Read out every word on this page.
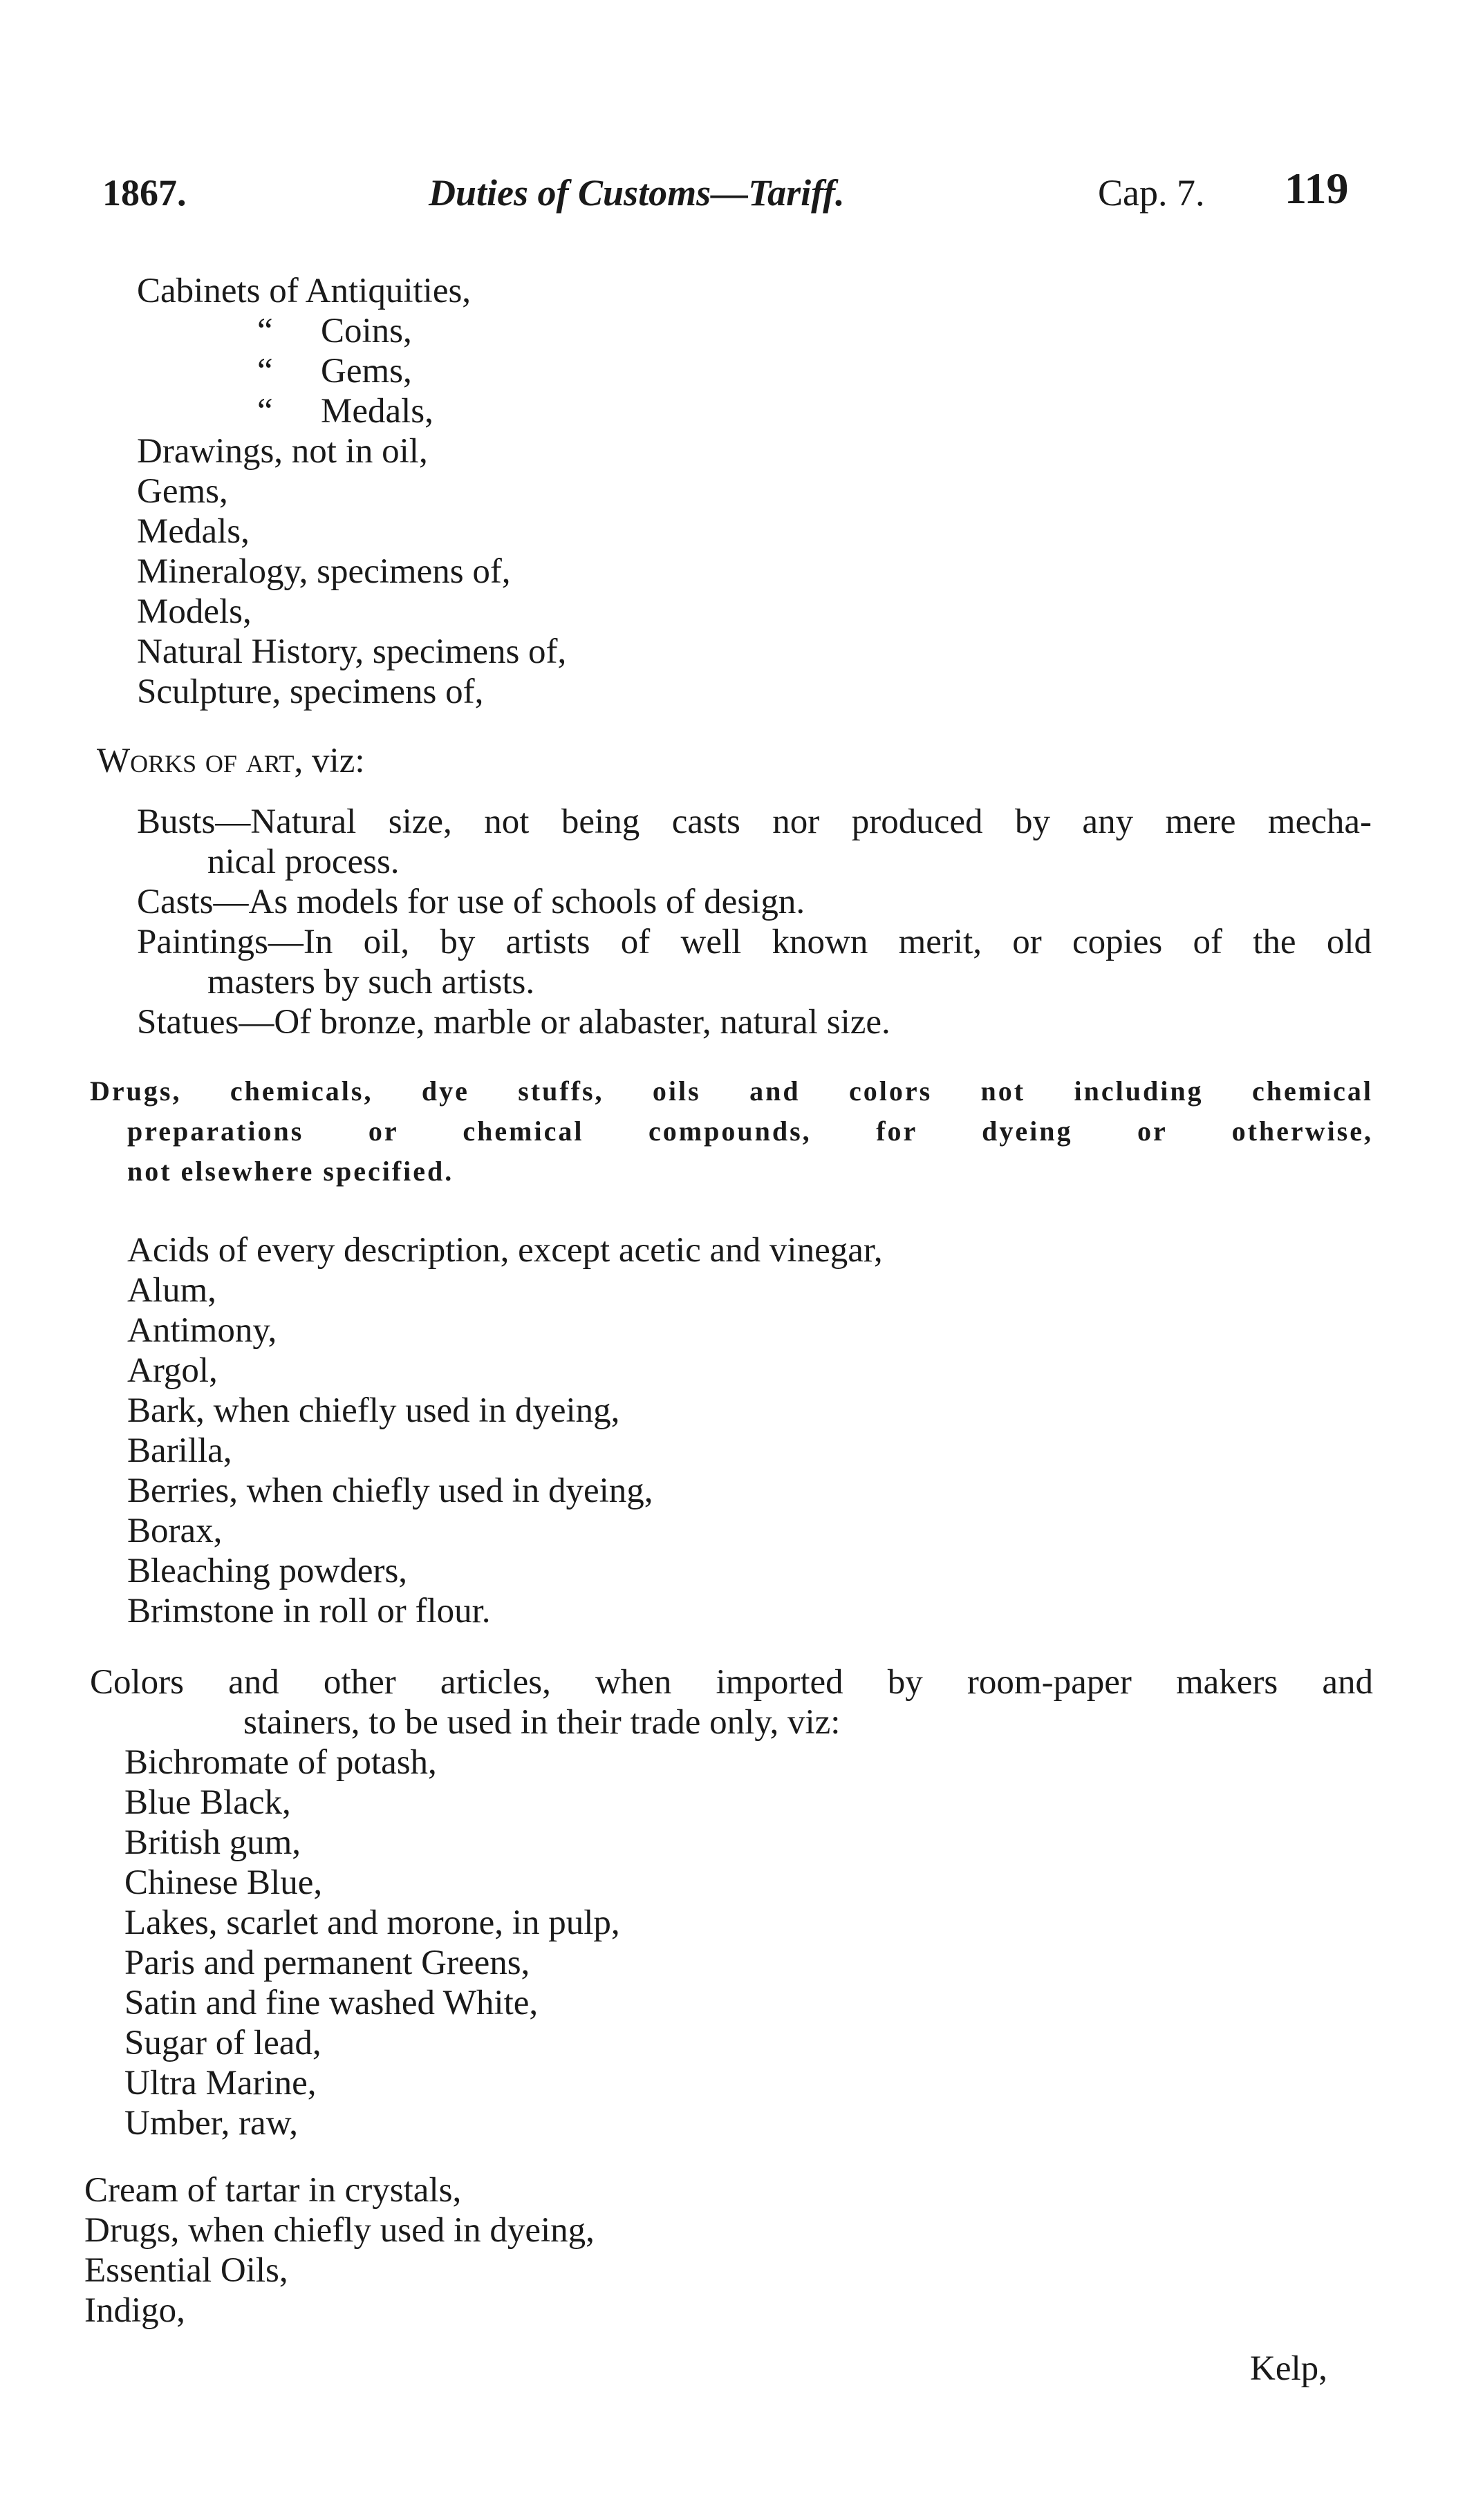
1867.	Duties of Customs—Tariff.	Cap. 7. 119
Cabinets of Antiquities,
“ Coins,
“ Gems,
“ Medals,
Drawings, not in oil,
Gems,
Medals,
Mineralogy, specimens of,
Models,
Natural History, specimens of,
Sculpture, specimens of,
Works of art, viz:
Busts—Natural size, not being casts nor produced by any mere mecha-
nical process.
Casts—As models for use of schools of design.
Paintings—In oil, by artists of well known merit, or copies of the old
masters by such artists.
Statues—Of bronze, marble or alabaster, natural size.
Drugs, chemicals, dye stuffs, oils and colors not including chemical
preparations or chemical compounds, for dyeing or otherwise,
not elsewhere specified.
Acids of every description, except acetic and vinegar,
Alum,
Antimony,
Argol,
Bark, when chiefly used in dyeing,
Barilla,
Berries, when chiefly used in dyeing,
Borax,
Bleaching powders,
Brimstone in roll or flour.
Colors and other articles, when imported by room-paper makers and
stainers, to be used in their trade only, viz:
Bichromate of potash,
Blue Black,
British gum,
Chinese Blue,
Lakes, scarlet and morone, in pulp,
Paris and permanent Greens,
Satin and fine washed White,
Sugar of lead,
Ultra Marine,
Umber, raw,
Cream of tartar in crystals,
Drugs, when chiefly used in dyeing,
Essential Oils,
Indigo,
Kelp,
